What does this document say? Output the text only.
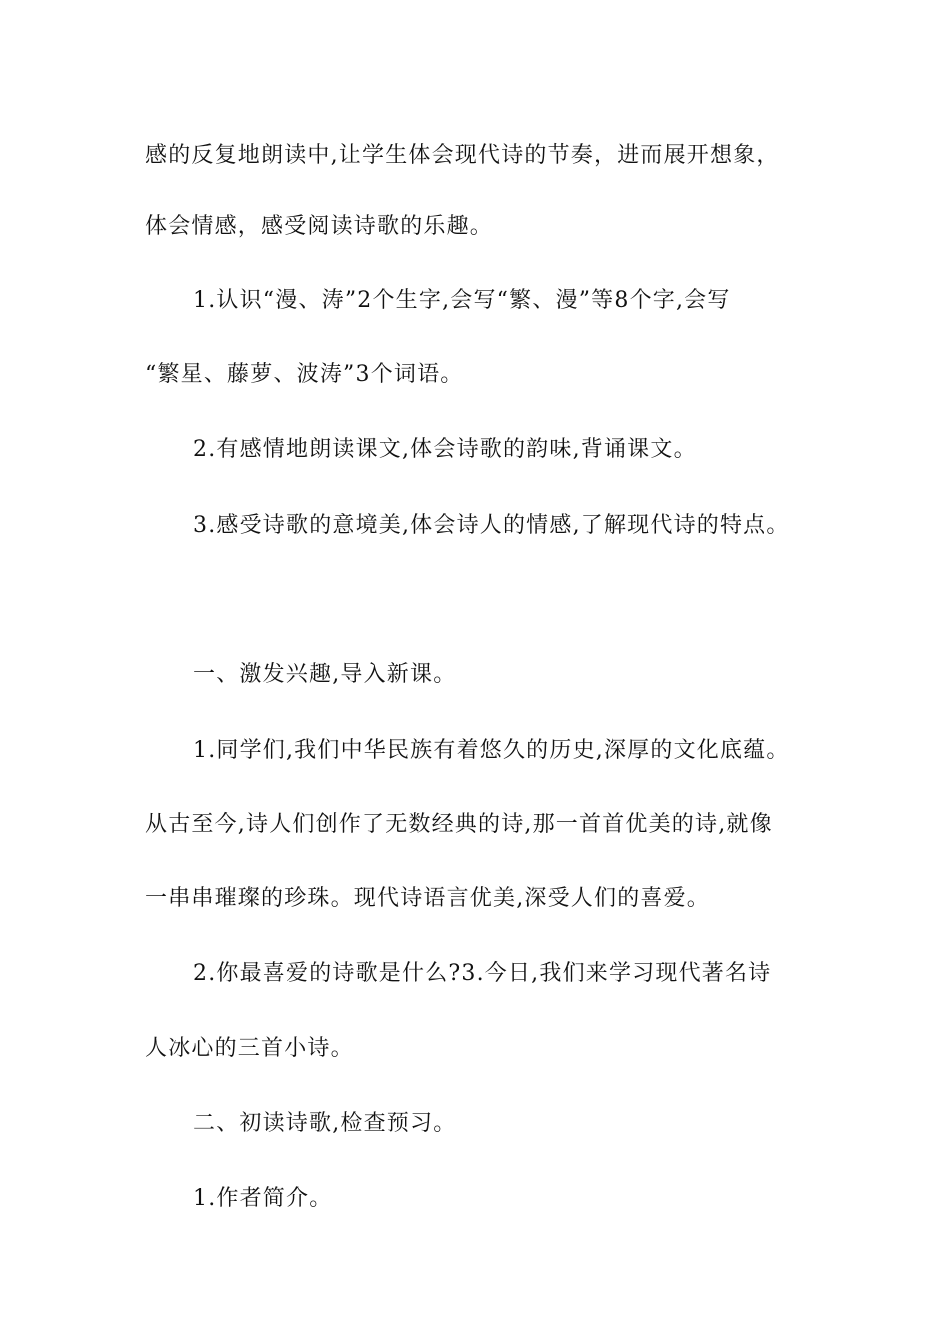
感的反复地朗读中,让学生体会现代诗的节奏，进而展开想象，
体会情感，感受阅读诗歌的乐趣。
1.认识“漫、涛”2个生字,会写“繁、漫”等8个字,会写
“繁星、藤萝、波涛”3个词语。
2.有感情地朗读课文,体会诗歌的韵味,背诵课文。
3.感受诗歌的意境美,体会诗人的情感,了解现代诗的特点。
一、激发兴趣,导入新课。
1.同学们,我们中华民族有着悠久的历史,深厚的文化底蕴。
从古至今,诗人们创作了无数经典的诗,那一首首优美的诗,就像
一串串璀璨的珍珠。现代诗语言优美,深受人们的喜爱。
2.你最喜爱的诗歌是什么?3.今日,我们来学习现代著名诗
人冰心的三首小诗。
二、初读诗歌,检查预习。
1.作者简介。
